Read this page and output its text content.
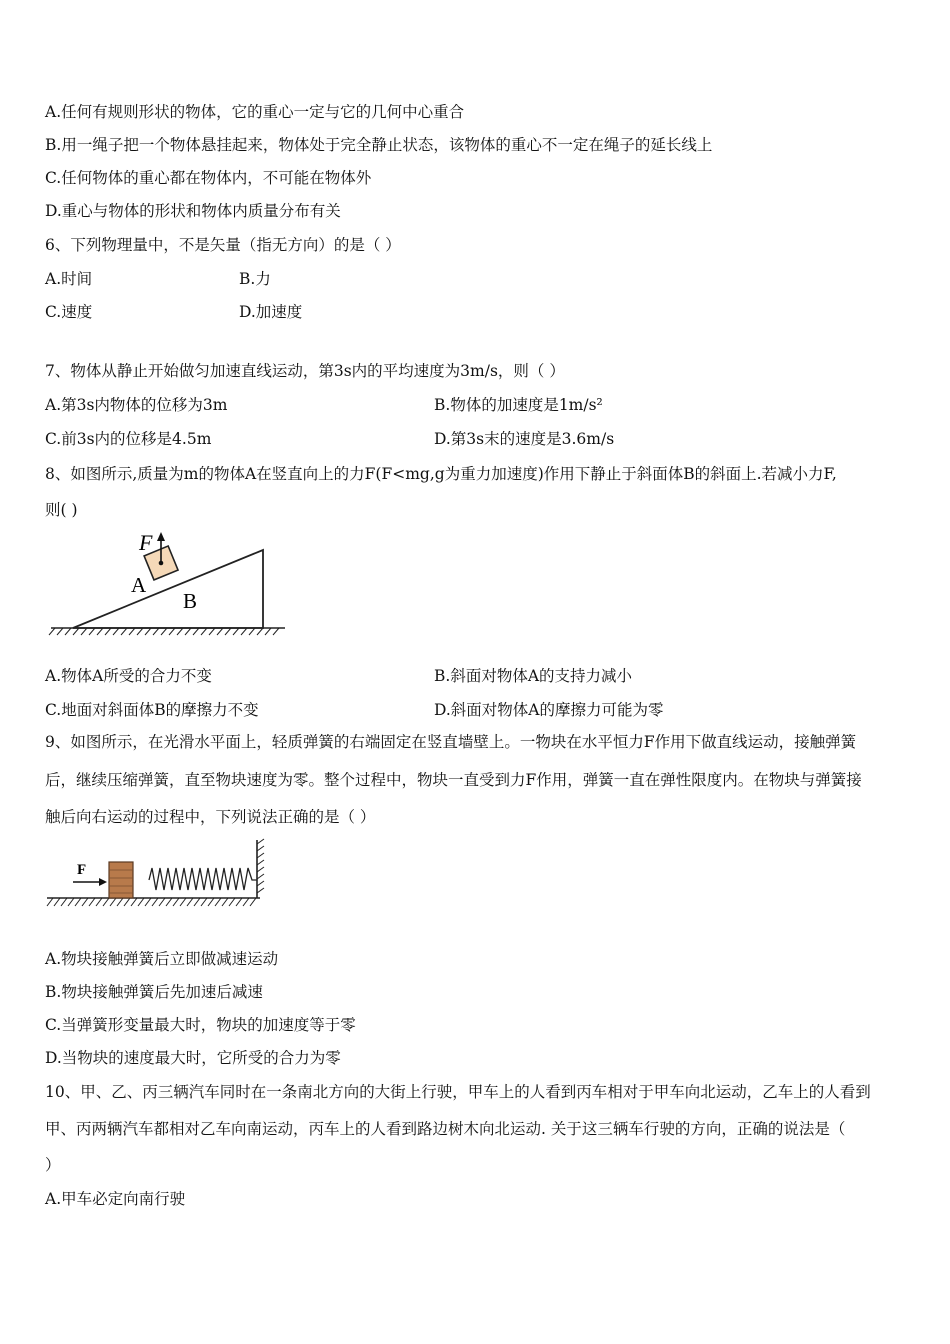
A.任何有规则形状的物体，它的重心一定与它的几何中心重合
B.用一绳子把一个物体悬挂起来，物体处于完全静止状态，该物体的重心不一定在绳子的延长线上
C.任何物体的重心都在物体内，不可能在物体外
D.重心与物体的形状和物体内质量分布有关
6、下列物理量中，不是矢量（指无方向）的是（ ）
A.时间	B.力
C.速度	D.加速度
7、物体从静止开始做匀加速直线运动，第3s内的平均速度为3m/s，则（ ）
A.第3s内物体的位移为3m	B.物体的加速度是1m/s²
C.前3s内的位移是4.5m	D.第3s末的速度是3.6m/s
8、如图所示,质量为m的物体A在竖直向上的力F(F<mg,g为重力加速度)作用下静止于斜面体B的斜面上.若减小力F,
则( )
F
A
B
A.物体A所受的合力不变	B.斜面对物体A的支持力减小
C.地面对斜面体B的摩擦力不变	D.斜面对物体A的摩擦力可能为零
9、如图所示，在光滑水平面上，轻质弹簧的右端固定在竖直墙壁上。一物块在水平恒力F作用下做直线运动，接触弹簧
后，继续压缩弹簧，直至物块速度为零。整个过程中，物块一直受到力F作用，弹簧一直在弹性限度内。在物块与弹簧接
触后向右运动的过程中，下列说法正确的是（ ）
F
A.物块接触弹簧后立即做减速运动
B.物块接触弹簧后先加速后减速
C.当弹簧形变量最大时，物块的加速度等于零
D.当物块的速度最大时，它所受的合力为零
10、甲、乙、丙三辆汽车同时在一条南北方向的大街上行驶，甲车上的人看到丙车相对于甲车向北运动，乙车上的人看到
甲、丙两辆汽车都相对乙车向南运动，丙车上的人看到路边树木向北运动. 关于这三辆车行驶的方向，正确的说法是（
）
A.甲车必定向南行驶
